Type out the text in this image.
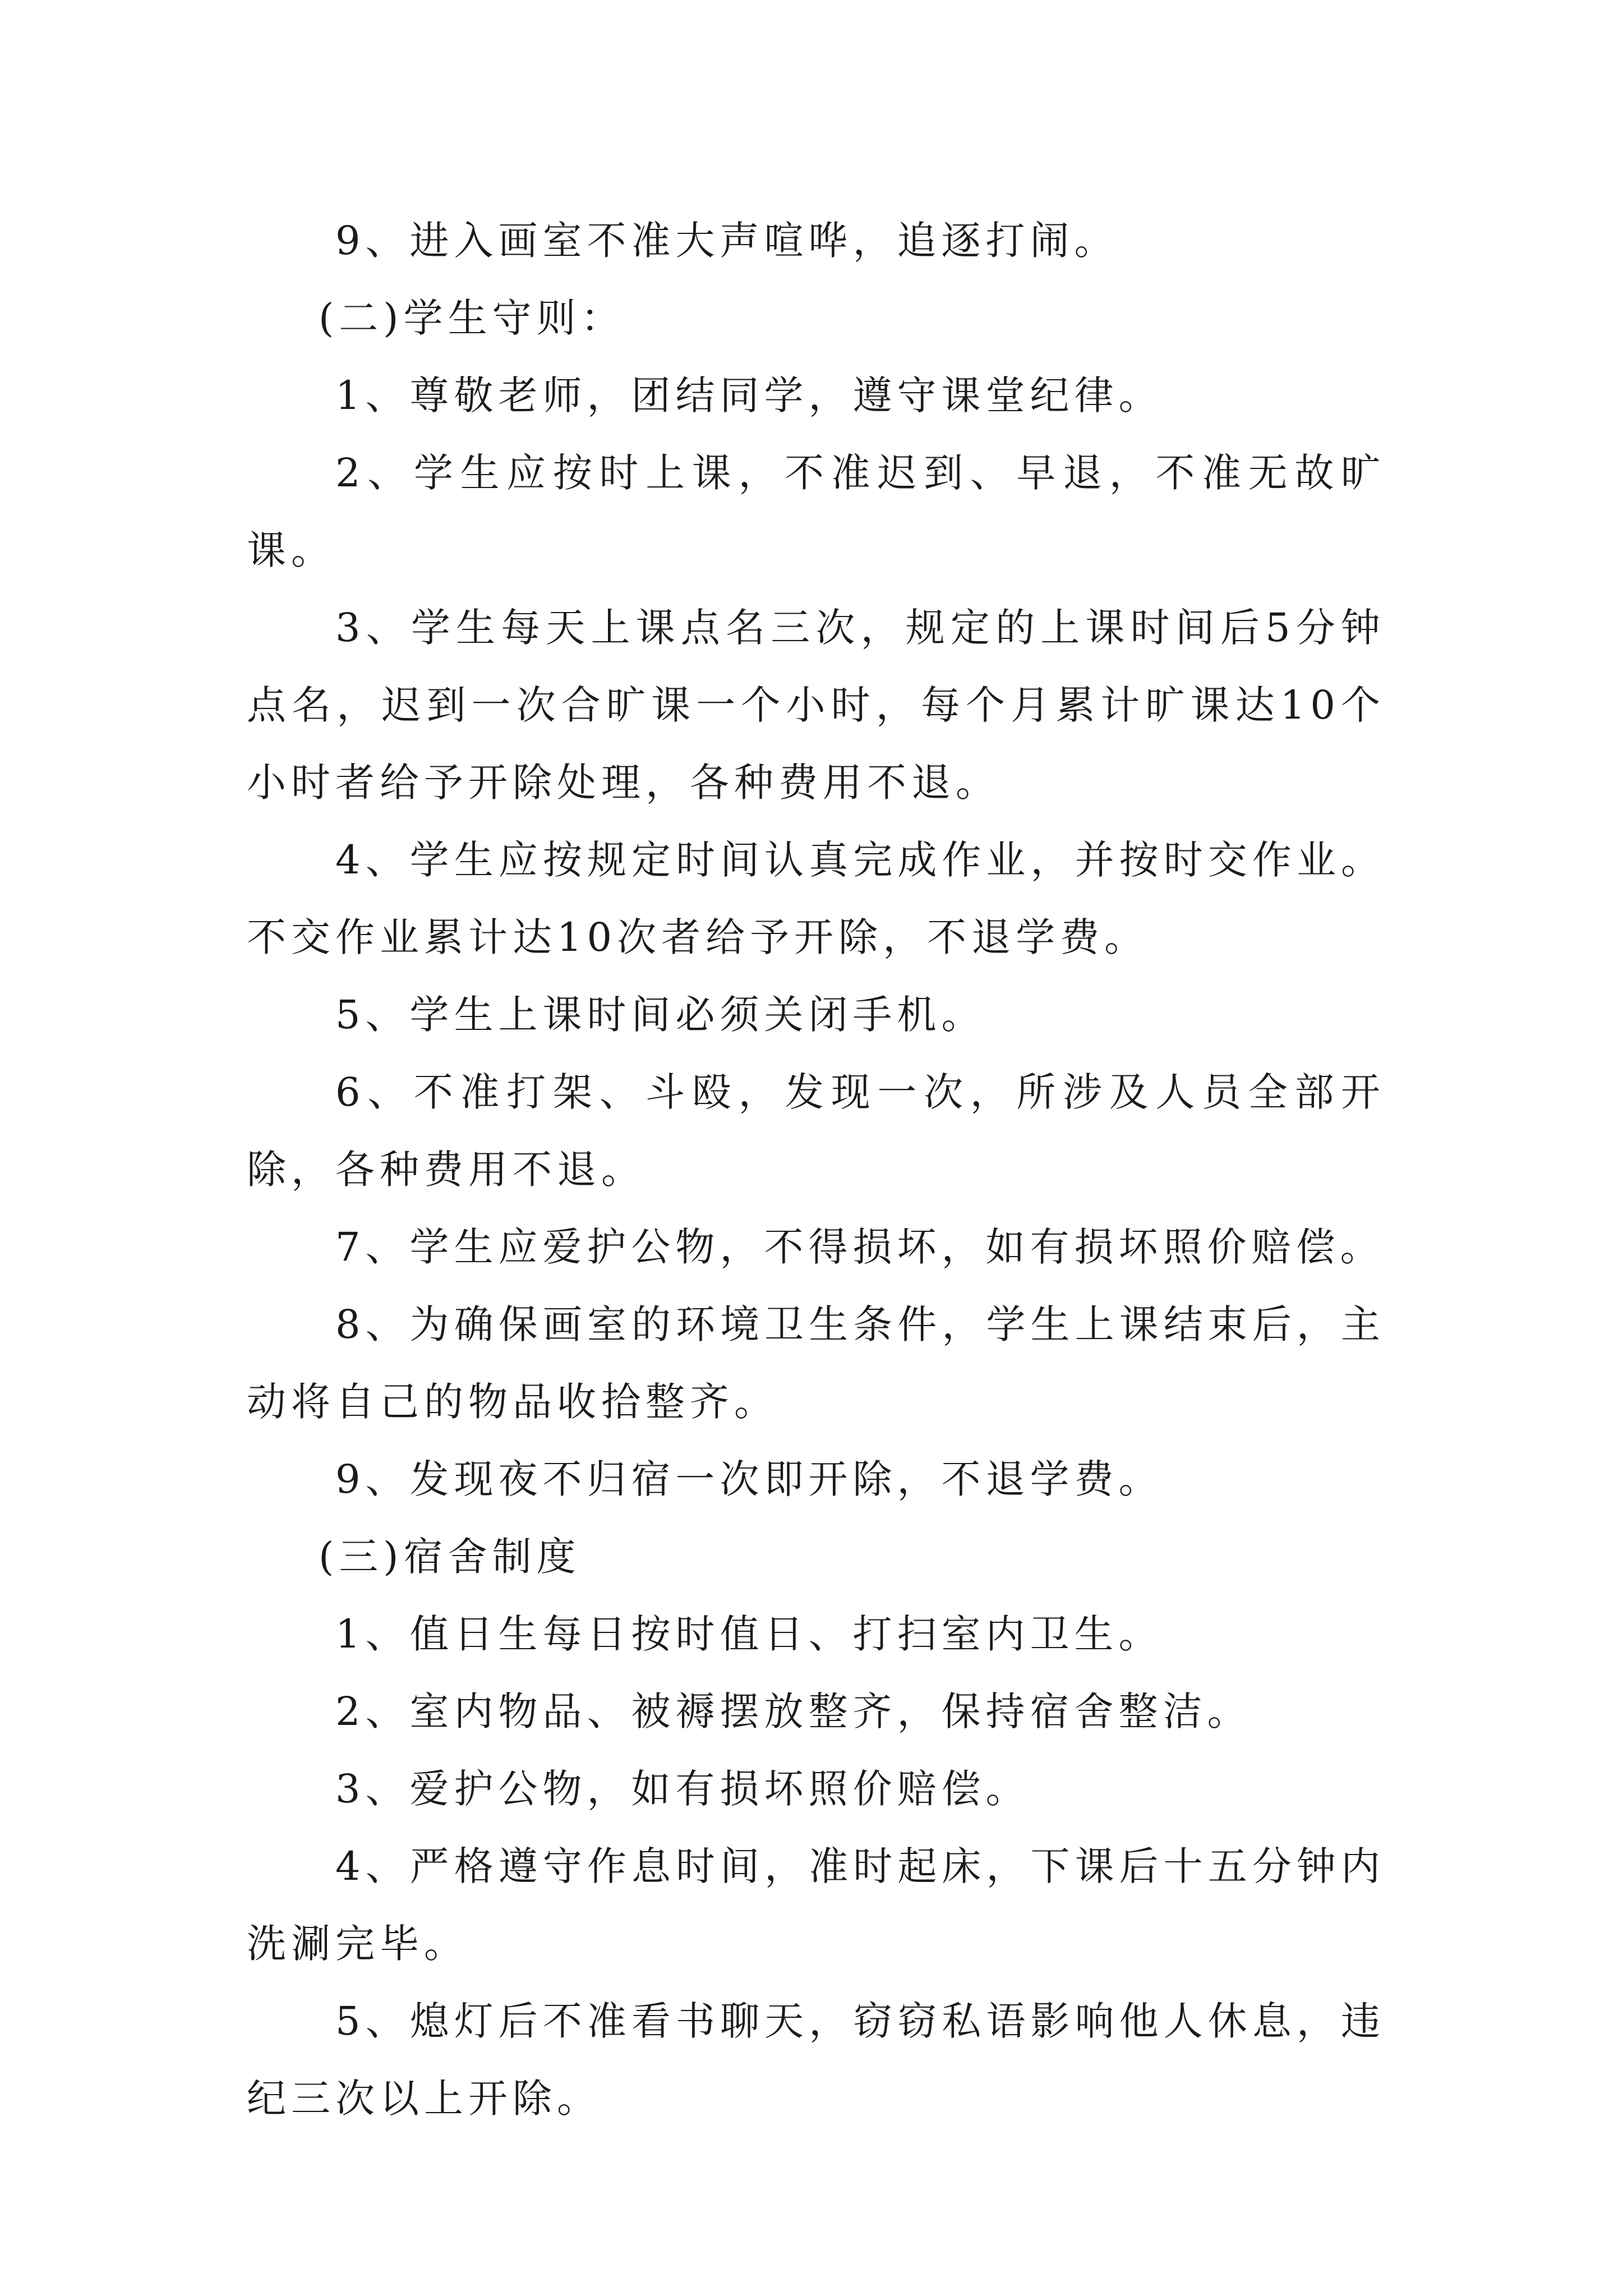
9、进入画室不准大声喧哗，追逐打闹。

(二)学生守则：

1、尊敬老师，团结同学，遵守课堂纪律。

2、学生应按时上课，不准迟到、早退，不准无故旷课。

3、学生每天上课点名三次，规定的上课时间后5分钟点名，迟到一次合旷课一个小时，每个月累计旷课达10个小时者给予开除处理，各种费用不退。

4、学生应按规定时间认真完成作业，并按时交作业。不交作业累计达10次者给予开除，不退学费。

5、学生上课时间必须关闭手机。

6、不准打架、斗殴，发现一次，所涉及人员全部开除，各种费用不退。

7、学生应爱护公物，不得损坏，如有损坏照价赔偿。

8、为确保画室的环境卫生条件，学生上课结束后，主动将自己的物品收拾整齐。

9、发现夜不归宿一次即开除，不退学费。

(三)宿舍制度

1、值日生每日按时值日、打扫室内卫生。

2、室内物品、被褥摆放整齐，保持宿舍整洁。

3、爱护公物，如有损坏照价赔偿。

4、严格遵守作息时间，准时起床，下课后十五分钟内洗涮完毕。

5、熄灯后不准看书聊天，窃窃私语影响他人休息，违纪三次以上开除。
